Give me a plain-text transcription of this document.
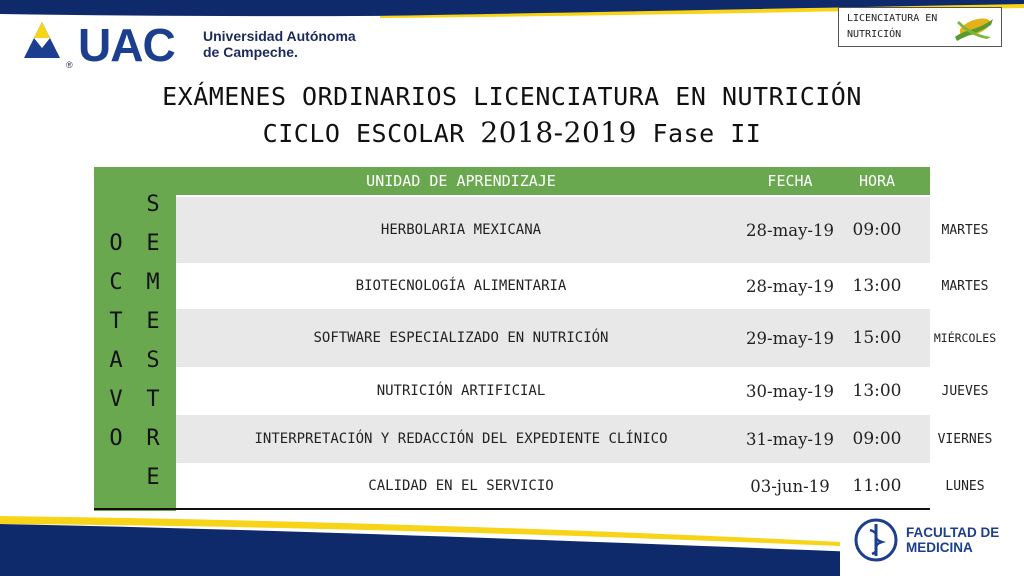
UAC Universidad Autónoma
de Campeche.
®
LICENCIATURA EN
NUTRICIÓN
EXÁMENES ORDINARIOS LICENCIATURA EN NUTRICIÓN
CICLO ESCOLAR 2018-2019 Fase II
O
C
T
A
V
O
S
E
M
E
S
T
R
E
UNIDAD DE APRENDIZAJE	FECHA	HORA	DÍA
HERBOLARIA MEXICANA	28-may-19	09:00	MARTES
BIOTECNOLOGÍA ALIMENTARIA	28-may-19	13:00	MARTES
SOFTWARE ESPECIALIZADO EN NUTRICIÓN	29-may-19	15:00	MIÉRCOLES
NUTRICIÓN ARTIFICIAL	30-may-19	13:00	JUEVES
INTERPRETACIÓN Y REDACCIÓN DEL EXPEDIENTE CLÍNICO	31-may-19	09:00	VIERNES
CALIDAD EN EL SERVICIO	03-jun-19	11:00	LUNES
FACULTAD DE
MEDICINA
